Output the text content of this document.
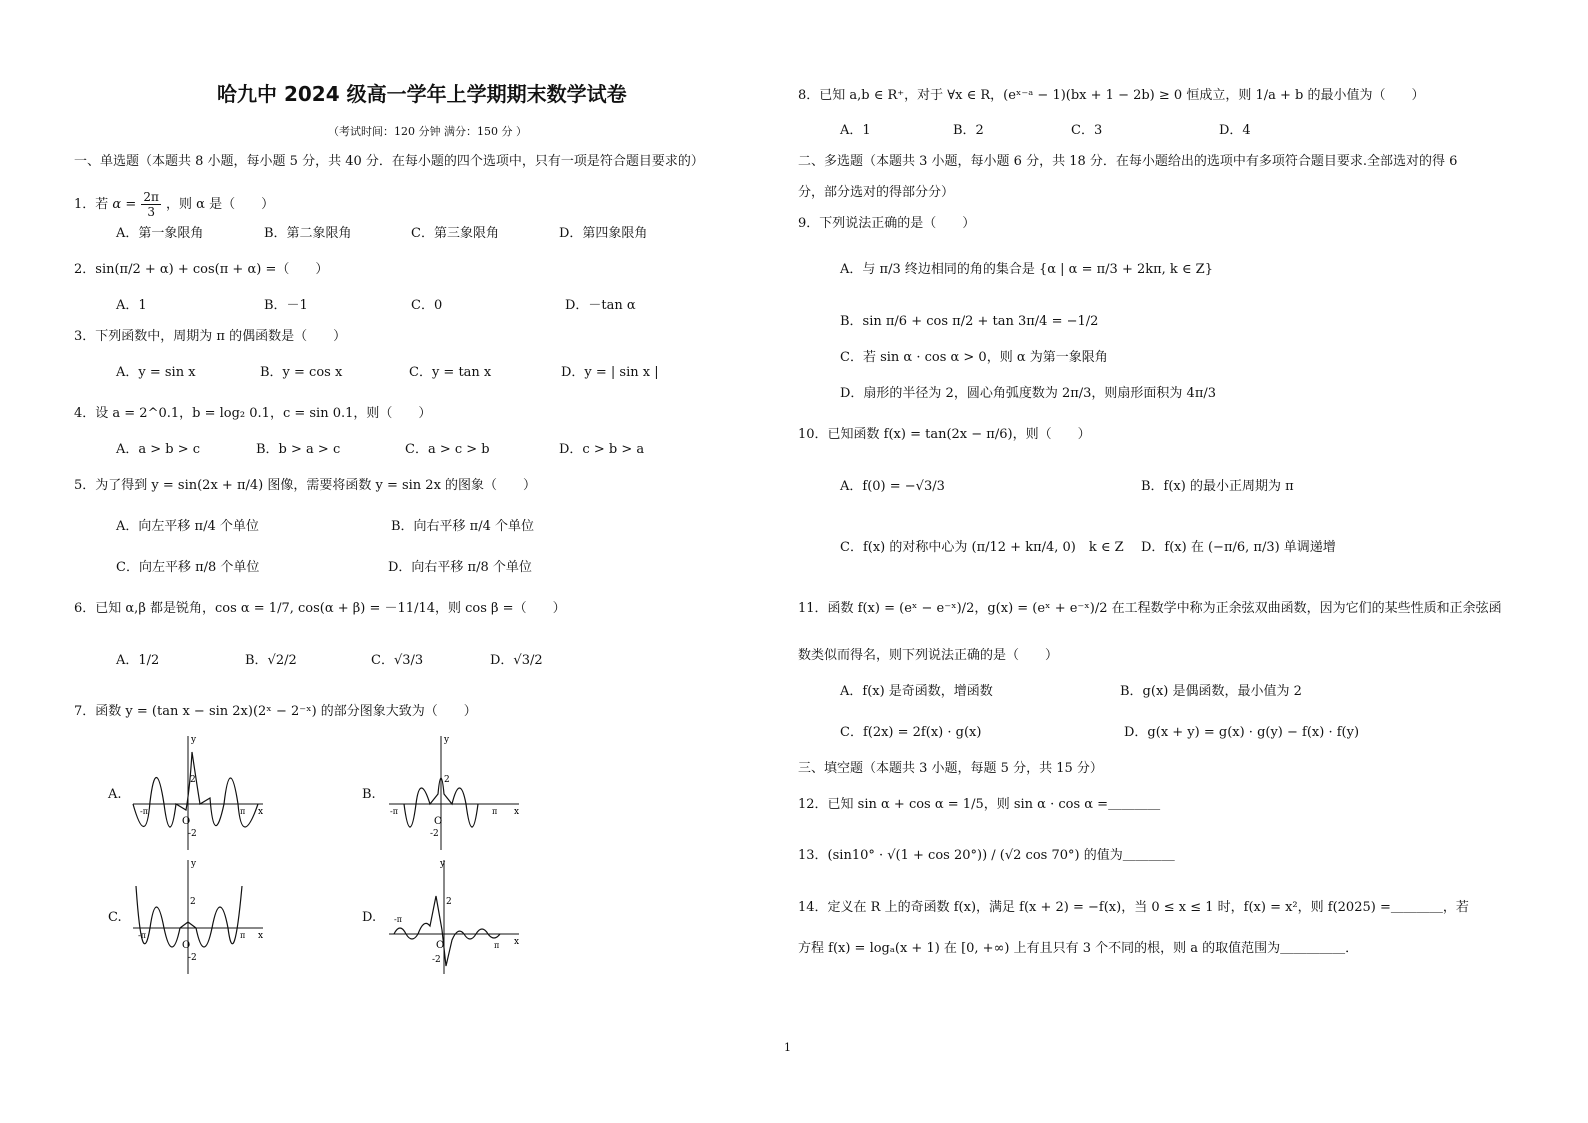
哈九中 2024 级高一学年上学期期末数学试卷
（考试时间：120 分钟 满分：150 分 ）
一、单选题（本题共 8 小题，每小题 5 分，共 40 分．在每小题的四个选项中，只有一项是符合题目要求的）
1．若 $\alpha = \frac{2\pi}{3}$ ，则 α 是（　　）
A．第一象限角	B．第二象限角	C．第三象限角	D．第四象限角
2．sin(π/2 + α) + cos(π + α) =（　　）
A．1	B．－1	C．0	D．－tan α
3．下列函数中，周期为 π 的偶函数是（　　）
A．y = sin x	B．y = cos x	C．y = tan x	D．y = | sin x |
4．设 a = 2^0.1，b = log₂ 0.1，c = sin 0.1，则（　　）
A．a > b > c	B．b > a > c	C．a > c > b	D．c > b > a
5．为了得到 y = sin(2x + π/4) 图像，需要将函数 y = sin 2x 的图象（　　）
A．向左平移 π/4 个单位	B．向右平移 π/4 个单位
C．向左平移 π/8 个单位	D．向右平移 π/8 个单位
6．已知 α,β 都是锐角，cos α = 1/7, cos(α + β) = －11/14，则 cos β =（　　）
A．1/2	B．√2/2	C．√3/3	D．√3/2
7．函数 y = (tan x − sin 2x)(2ˣ − 2⁻ˣ) 的部分图象大致为（　　）
A.	B.
C.	D.
O
y
x
2
-2
-π	π
O
y
x
2
-2
-π	π
O
y
x
2
-2
-π	π
O
y
x
2
-2
-π
π
8．已知 a,b ∈ R⁺，对于 ∀x ∈ R，(eˣ⁻ᵃ − 1)(bx + 1 − 2b) ≥ 0 恒成立，则 1/a + b 的最小值为（　　）
A．1	B．2	C．3	D．4
二、多选题（本题共 3 小题，每小题 6 分，共 18 分．在每小题给出的选项中有多项符合题目要求.全部选对的得 6
分，部分选对的得部分分）
9．下列说法正确的是（　　）
A．与 π/3 终边相同的角的集合是 {α | α = π/3 + 2kπ, k ∈ Z}
B．sin π/6 + cos π/2 + tan 3π/4 = −1/2
C．若 sin α · cos α > 0，则 α 为第一象限角
D．扇形的半径为 2，圆心角弧度数为 2π/3，则扇形面积为 4π/3
10．已知函数 f(x) = tan(2x − π/6)，则（　　）
A．f(0) = −√3/3	B．f(x) 的最小正周期为 π
C．f(x) 的对称中心为 (π/12 + kπ/4, 0)　k ∈ Z D．f(x) 在 (−π/6, π/3) 单调递增
11．函数 f(x) = (eˣ − e⁻ˣ)/2，g(x) = (eˣ + e⁻ˣ)/2 在工程数学中称为正余弦双曲函数，因为它们的某些性质和正余弦函
数类似而得名，则下列说法正确的是（　　）
A．f(x) 是奇函数，增函数	B．g(x) 是偶函数，最小值为 2
C．f(2x) = 2f(x) · g(x)	D．g(x + y) = g(x) · g(y) − f(x) · f(y)
三、填空题（本题共 3 小题，每题 5 分，共 15 分）
12．已知 sin α + cos α = 1/5，则 sin α · cos α =＿＿＿＿
13．(sin10° · √(1 + cos 20°)) / (√2 cos 70°) 的值为＿＿＿＿
14．定义在 R 上的奇函数 f(x)，满足 f(x + 2) = −f(x)，当 0 ≤ x ≤ 1 时，f(x) = x²，则 f(2025) =＿＿＿＿，若
方程 f(x) = logₐ(x + 1) 在 [0, +∞) 上有且只有 3 个不同的根，则 a 的取值范围为＿＿＿＿＿．
1
